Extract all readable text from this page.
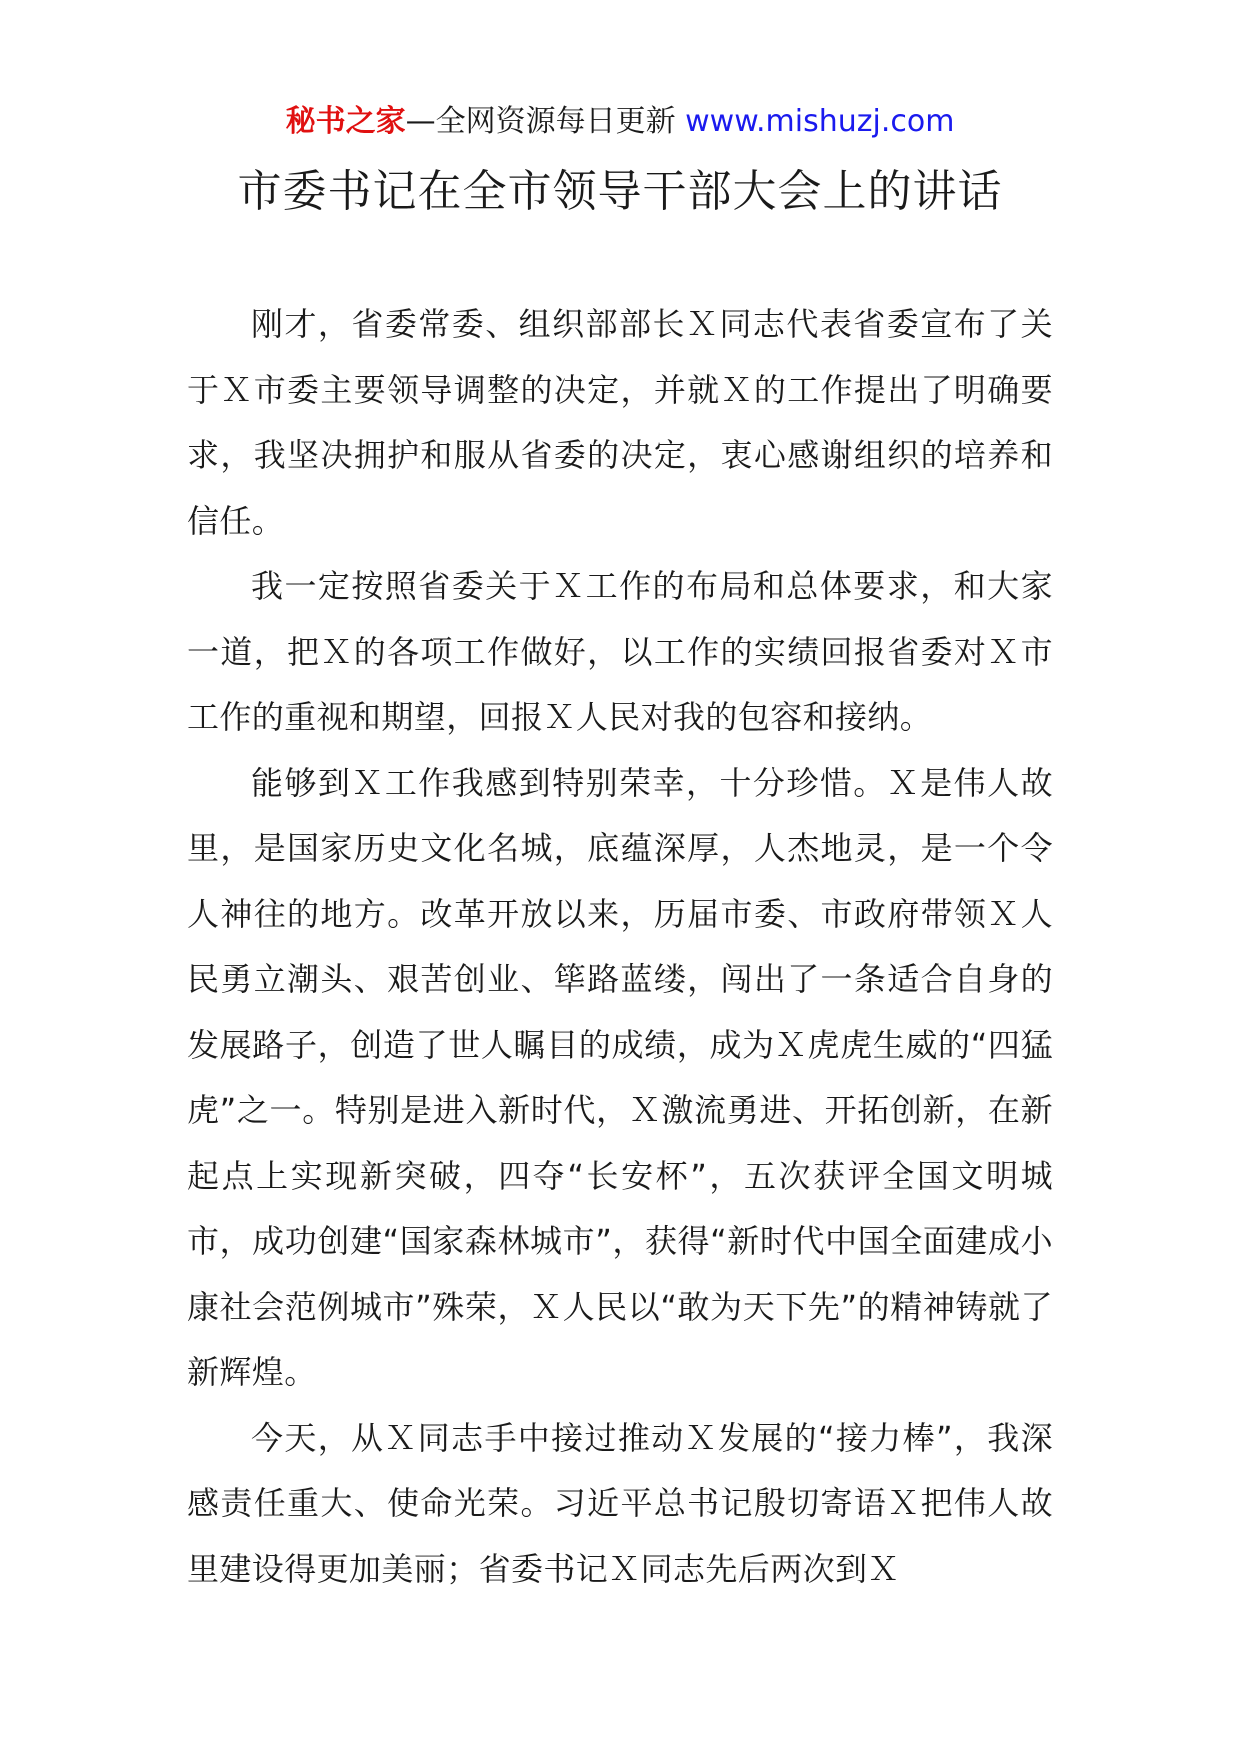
秘书之家—全网资源每日更新 www.mishuzj.com
市委书记在全市领导干部大会上的讲话

刚才，省委常委、组织部部长Ｘ同志代表省委宣布了关于Ｘ市委主要领导调整的决定，并就Ｘ的工作提出了明确要求，我坚决拥护和服从省委的决定，衷心感谢组织的培养和信任。

我一定按照省委关于Ｘ工作的布局和总体要求，和大家一道，把Ｘ的各项工作做好，以工作的实绩回报省委对Ｘ市工作的重视和期望，回报Ｘ人民对我的包容和接纳。

能够到Ｘ工作我感到特别荣幸，十分珍惜。Ｘ是伟人故里，是国家历史文化名城，底蕴深厚，人杰地灵，是一个令人神往的地方。改革开放以来，历届市委、市政府带领Ｘ人民勇立潮头、艰苦创业、筚路蓝缕，闯出了一条适合自身的发展路子，创造了世人瞩目的成绩，成为Ｘ虎虎生威的“四猛虎”之一。特别是进入新时代，Ｘ激流勇进、开拓创新，在新起点上实现新突破，四夺“长安杯”，五次获评全国文明城市，成功创建“国家森林城市”，获得“新时代中国全面建成小康社会范例城市”殊荣，Ｘ人民以“敢为天下先”的精神铸就了新辉煌。

今天，从Ｘ同志手中接过推动Ｘ发展的“接力棒”，我深感责任重大、使命光荣。习近平总书记殷切寄语Ｘ把伟人故里建设得更加美丽；省委书记Ｘ同志先后两次到Ｘ
